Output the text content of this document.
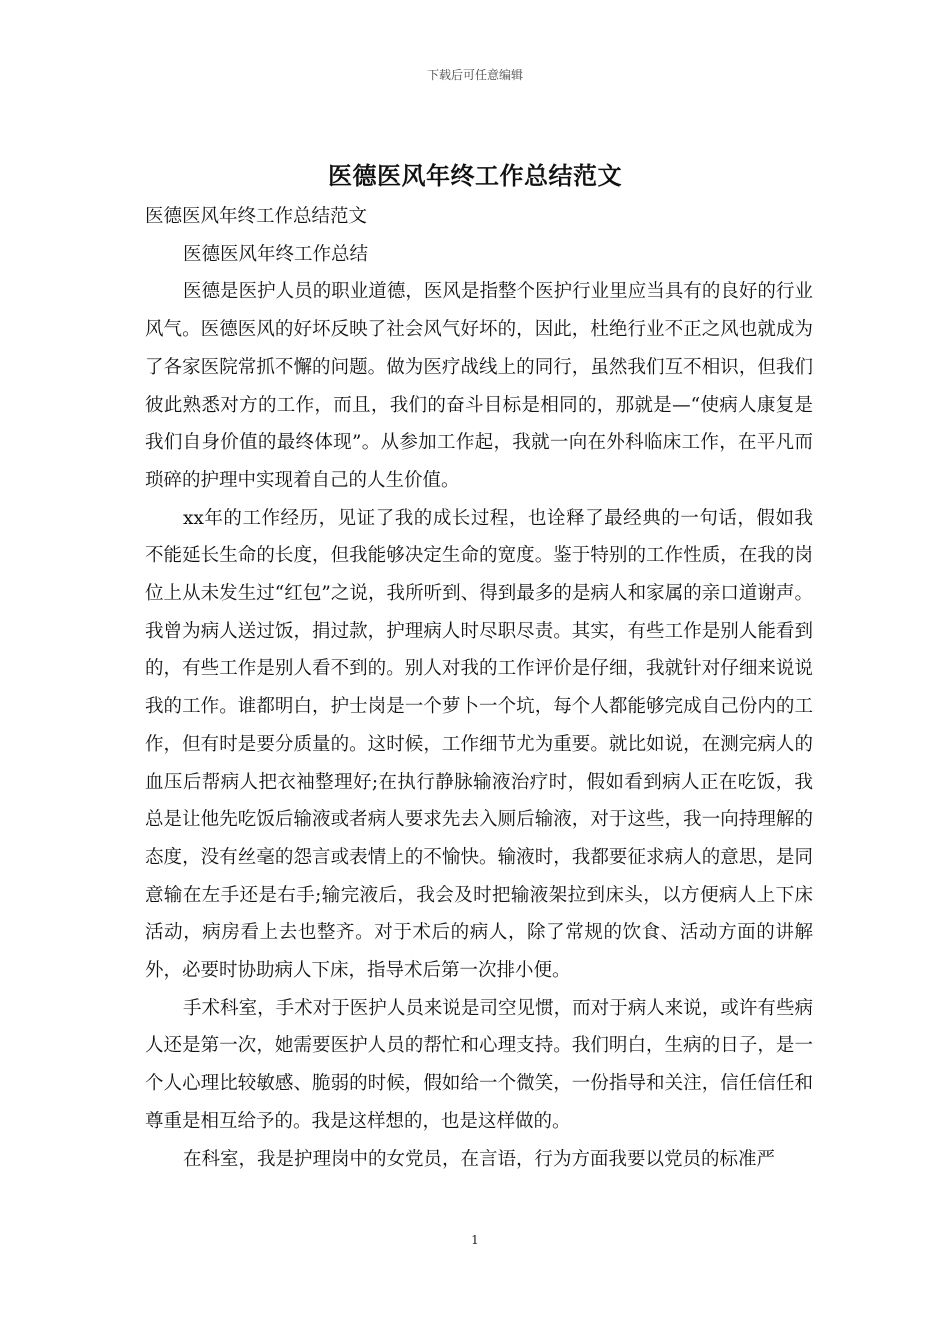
下载后可任意编辑
医德医风年终工作总结范文

医德医风年终工作总结范文

医德医风年终工作总结

医德是医护人员的职业道德，医风是指整个医护行业里应当具有的良好的行业风气。医德医风的好坏反映了社会风气好坏的，因此，杜绝行业不正之风也就成为了各家医院常抓不懈的问题。做为医疗战线上的同行，虽然我们互不相识，但我们彼此熟悉对方的工作，而且，我们的奋斗目标是相同的，那就是—“使病人康复是我们自身价值的最终体现”。从参加工作起，我就一向在外科临床工作，在平凡而琐碎的护理中实现着自己的人生价值。

xx年的工作经历，见证了我的成长过程，也诠释了最经典的一句话，假如我不能延长生命的长度，但我能够决定生命的宽度。鉴于特别的工作性质，在我的岗位上从未发生过“红包”之说，我所听到、得到最多的是病人和家属的亲口道谢声。我曾为病人送过饭，捐过款，护理病人时尽职尽责。其实，有些工作是别人能看到的，有些工作是别人看不到的。别人对我的工作评价是仔细，我就针对仔细来说说我的工作。谁都明白，护士岗是一个萝卜一个坑，每个人都能够完成自己份内的工作，但有时是要分质量的。这时候，工作细节尤为重要。就比如说，在测完病人的血压后帮病人把衣袖整理好;在执行静脉输液治疗时，假如看到病人正在吃饭，我总是让他先吃饭后输液或者病人要求先去入厕后输液，对于这些，我一向持理解的态度，没有丝毫的怨言或表情上的不愉快。输液时，我都要征求病人的意思，是同意输在左手还是右手;输完液后，我会及时把输液架拉到床头，以方便病人上下床活动，病房看上去也整齐。对于术后的病人，除了常规的饮食、活动方面的讲解外，必要时协助病人下床，指导术后第一次排小便。

手术科室，手术对于医护人员来说是司空见惯，而对于病人来说，或许有些病人还是第一次，她需要医护人员的帮忙和心理支持。我们明白，生病的日子，是一个人心理比较敏感、脆弱的时候，假如给一个微笑，一份指导和关注，信任信任和尊重是相互给予的。我是这样想的，也是这样做的。

在科室，我是护理岗中的女党员，在言语，行为方面我要以党员的标准严

1
